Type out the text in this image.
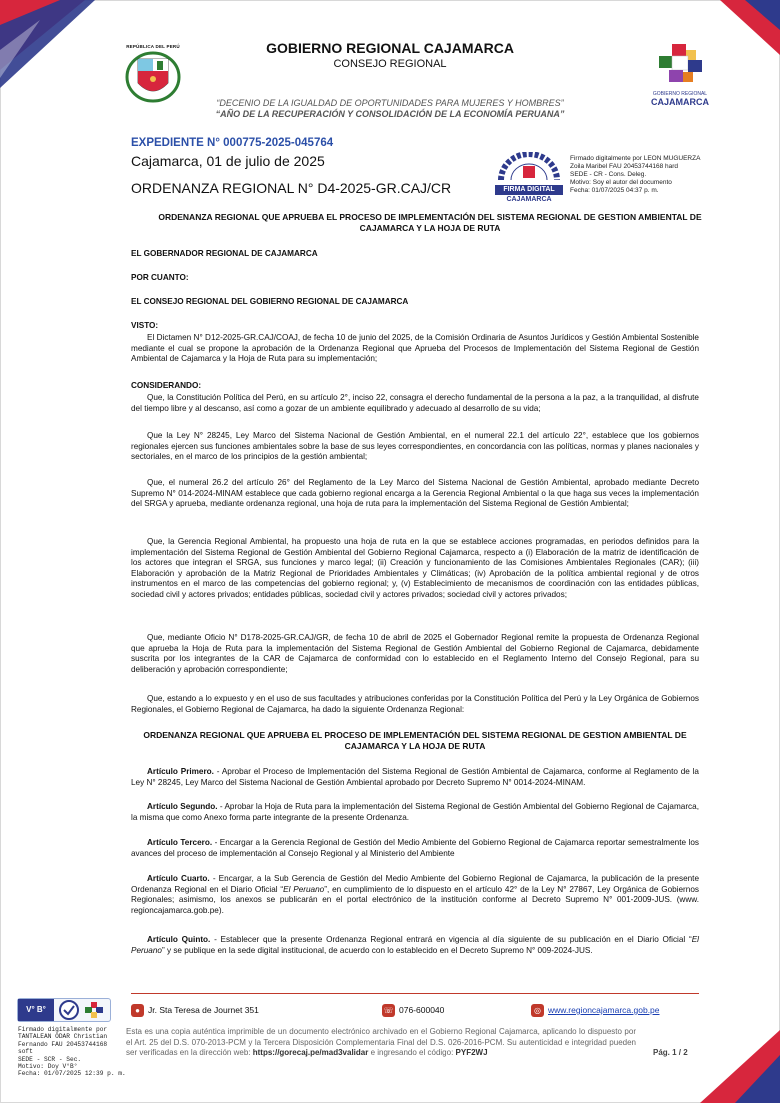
REPÚBLICA DEL PERÚ	GOBIERNO REGIONAL CAJAMARCA
CONSEJO REGIONAL
GOBIERNO REGIONAL
CAJAMARCA
“DECENIO DE LA IGUALDAD DE OPORTUNIDADES PARA MUJERES Y HOMBRES”
“AÑO DE LA RECUPERACIÓN Y CONSOLIDACIÓN DE LA ECONOMÍA PERUANA”
EXPEDIENTE N° 000775-2025-045764
Cajamarca, 01 de julio de 2025
ORDENANZA REGIONAL N° D4-2025-GR.CAJ/CR	FIRMA DIGITAL
CAJAMARCA
Firmado digitalmente por LEON MUGUERZA
Zoila Maribel FAU 20453744168 hard
SEDE - CR - Cons. Deleg.
Motivo: Soy el autor del documento
Fecha: 01/07/2025 04:37 p. m.
ORDENANZA REGIONAL QUE APRUEBA EL PROCESO DE IMPLEMENTACIÓN DEL SISTEMA REGIONAL DE GESTION AMBIENTAL DE CAJAMARCA Y LA HOJA DE RUTA
EL GOBERNADOR REGIONAL DE CAJAMARCA
POR CUANTO:
EL CONSEJO REGIONAL DEL GOBIERNO REGIONAL DE CAJAMARCA
VISTO:
El Dictamen N° D12-2025-GR.CAJ/COAJ, de fecha 10 de junio del 2025, de la Comisión Ordinaria de Asuntos Jurídicos y Gestión Ambiental Sostenible mediante el cual se propone la aprobación de la Ordenanza Regional que Aprueba del Procesos de Implementación del Sistema Regional de Gestión Ambiental de Cajamarca y la Hoja de Ruta para su implementación;
CONSIDERANDO:
Que, la Constitución Política del Perú, en su artículo 2°, inciso 22, consagra el derecho fundamental de la persona a la paz, a la tranquilidad, al disfrute del tiempo libre y al descanso, así como a gozar de un ambiente equilibrado y adecuado al desarrollo de su vida;
Que la Ley N° 28245, Ley Marco del Sistema Nacional de Gestión Ambiental, en el numeral 22.1 del artículo 22°, establece que los gobiernos regionales ejercen sus funciones ambientales sobre la base de sus leyes correspondientes, en concordancia con las políticas, normas y planes nacionales y sectoriales, en el marco de los principios de la gestión ambiental;
Que, el numeral 26.2 del artículo 26° del Reglamento de la Ley Marco del Sistema Nacional de Gestión Ambiental, aprobado mediante Decreto Supremo N° 014-2024-MINAM establece que cada gobierno regional encarga a la Gerencia Regional Ambiental o la que haga sus veces la implementación del SRGA y aprueba, mediante ordenanza regional, una hoja de ruta para la implementación del Sistema Regional de Gestión Ambiental;
Que, la Gerencia Regional Ambiental, ha propuesto una hoja de ruta en la que se establece acciones programadas, en periodos definidos para la implementación del Sistema Regional de Gestión Ambiental del Gobierno Regional Cajamarca, respecto a (i) Elaboración de la matriz de identificación de los actores que integran el SRGA, sus funciones y marco legal; (ii) Creación y funcionamiento de las Comisiones Ambientales Regionales (CAR); (iii) Elaboración y aprobación de la Matriz Regional de Prioridades Ambientales y Climáticas; (iv) Aprobación de la política ambiental regional y de otros instrumentos en el marco de las competencias del gobierno regional; y, (v) Establecimiento de mecanismos de coordinación con las entidades públicas, sociedad civil y actores privados; entidades públicas, sociedad civil y actores privados; sociedad civil y actores privados;
Que, mediante Oficio N° D178-2025-GR.CAJ/GR, de fecha 10 de abril de 2025 el Gobernador Regional remite la propuesta de Ordenanza Regional que aprueba la Hoja de Ruta para la implementación del Sistema Regional de Gestión Ambiental del Gobierno Regional de Cajamarca, debidamente suscrita por los integrantes de la CAR de Cajamarca de conformidad con lo establecido en el Reglamento Interno del Consejo Regional, para su deliberación y aprobación correspondiente;
Que, estando a lo expuesto y en el uso de sus facultades y atribuciones conferidas por la Constitución Política del Perú y la Ley Orgánica de Gobiernos Regionales, el Gobierno Regional de Cajamarca, ha dado la siguiente Ordenanza Regional:
ORDENANZA REGIONAL QUE APRUEBA EL PROCESO DE IMPLEMENTACIÓN DEL SISTEMA REGIONAL DE GESTION AMBIENTAL DE CAJAMARCA Y LA HOJA DE RUTA
Artículo Primero. - Aprobar el Proceso de Implementación del Sistema Regional de Gestión Ambiental de Cajamarca, conforme al Reglamento de la Ley N° 28245, Ley Marco del Sistema Nacional de Gestión Ambiental aprobado por Decreto Supremo N° 0014-2024-MINAM.
Artículo Segundo. - Aprobar la Hoja de Ruta para la implementación del Sistema Regional de Gestión Ambiental del Gobierno Regional de Cajamarca, la misma que como Anexo forma parte integrante de la presente Ordenanza.
Artículo Tercero. - Encargar a la Gerencia Regional de Gestión del Medio Ambiente del Gobierno Regional de Cajamarca reportar semestralmente los avances del proceso de implementación al Consejo Regional y al Ministerio del Ambiente
Artículo Cuarto. - Encargar, a la Sub Gerencia de Gestión del Medio Ambiente del Gobierno Regional de Cajamarca, la publicación de la presente Ordenanza Regional en el Diario Oficial “El Peruano”, en cumplimiento de lo dispuesto en el artículo 42° de la Ley N° 27867, Ley Orgánica de Gobiernos Regionales; asimismo, los anexos se publicarán en el portal electrónico de la institución conforme al Decreto Supremo N° 001-2009-JUS. (www. regioncajamarca.gob.pe).
Artículo Quinto. - Establecer que la presente Ordenanza Regional entrará en vigencia al día siguiente de su publicación en el Diario Oficial “El Peruano” y se publique en la sede digital institucional, de acuerdo con lo establecido en el Decreto Supremo N° 009-2024-JUS.
● Jr. Sta Teresa de Journet 351	☏ 076-600040	◎ www.regioncajamarca.gob.pe
V° B°
Firmado digitalmente por
TANTALEAN ODAR Christian
Fernando FAU 20453744168
soft
SEDE - SCR - Sec.
Motivo: Doy V°B°
Fecha: 01/07/2025 12:39 p. m.
Esta es una copia auténtica imprimible de un documento electrónico archivado en el Gobierno Regional Cajamarca, aplicando lo dispuesto por el Art. 25 del D.S. 070-2013-PCM y la Tercera Disposición Complementaria Final del D.S. 026-2016-PCM. Su autenticidad e integridad pueden ser verificadas en la dirección web: https://gorecaj.pe/mad3validar e ingresando el código: PYF2WJ	Pág. 1 / 2
